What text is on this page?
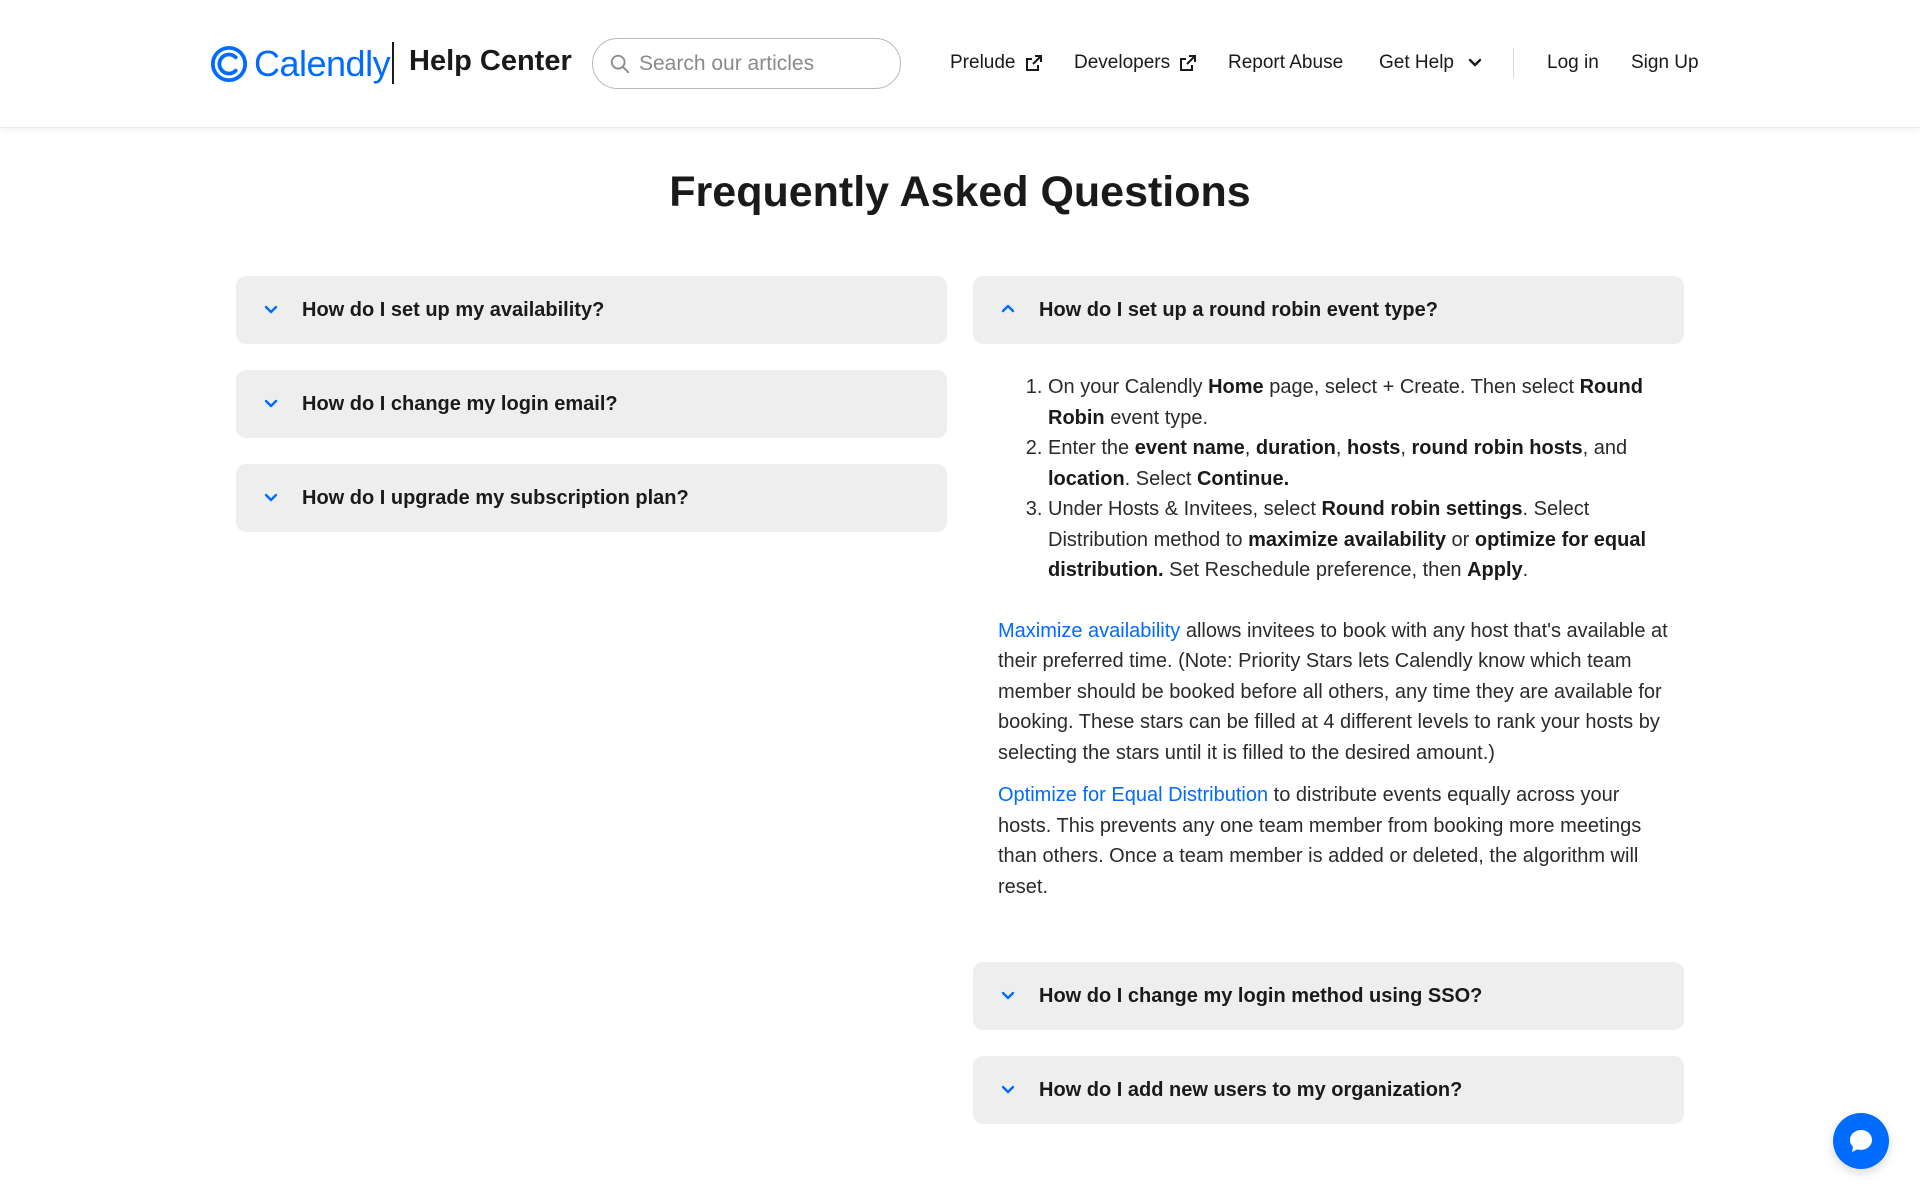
Calendly Help Center
Search our articles	Prelude	Developers	Report Abuse Get Help	Log in Sign Up
Frequently Asked Questions
How do I set up my availability?
How do I change my login email?
How do I upgrade my subscription plan?
How do I set up a round robin event type?
1. On your Calendly Home page, select + Create. Then select Round Robin event type.
2. Enter the event name, duration, hosts, round robin hosts, and location. Select Continue.
3. Under Hosts & Invitees, select Round robin settings. Select Distribution method to maximize availability or optimize for equal distribution. Set Reschedule preference, then Apply.

Maximize availability allows invitees to book with any host that's available at their preferred time. (Note: Priority Stars lets Calendly know which team member should be booked before all others, any time they are available for booking. These stars can be filled at 4 different levels to rank your hosts by selecting the stars until it is filled to the desired amount.)

Optimize for Equal Distribution to distribute events equally across your hosts. This prevents any one team member from booking more meetings than others. Once a team member is added or deleted, the algorithm will reset.

How do I change my login method using SSO?
How do I add new users to my organization?
